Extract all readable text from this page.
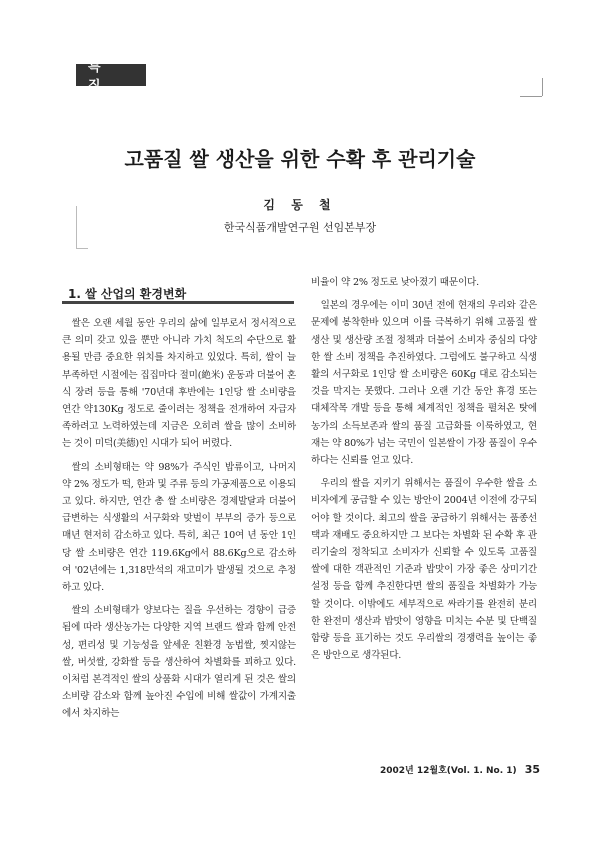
특 집
고품질 쌀 생산을 위한 수확 후 관리기술
김 동 철
한국식품개발연구원 선임본부장
1. 쌀 산업의 환경변화

쌀은 오랜 세월 동안 우리의 삶에 일부로서 정서적으로 큰 의미 갖고 있을 뿐만 아니라 가치 척도의 수단으로 활용될 만큼 중요한 위치를 차지하고 있었다. 특히, 쌀이 늘 부족하던 시절에는 집집마다 절미(絶米) 운동과 더불어 혼식 장려 등을 통해 '70년대 후반에는 1인당 쌀 소비량을 연간 약130Kg 정도로 줄이려는 정책을 전개하여 자급자족하려고 노력하였는데 지금은 오히려 쌀을 많이 소비하는 것이 미덕(美德)인 시대가 되어 버렸다.

쌀의 소비형태는 약 98%가 주식인 밥류이고, 나머지 약 2% 정도가 떡, 한과 및 주류 등의 가공제품으로 이용되고 있다. 하지만, 연간 총 쌀 소비량은 경제발달과 더불어 급변하는 식생활의 서구화와 맞벌이 부부의 증가 등으로 매년 현저히 감소하고 있다. 특히, 최근 10여 년 동안 1인당 쌀 소비량은 연간 119.6Kg에서 88.6Kg으로 감소하여 '02년에는 1,318만석의 재고미가 발생될 것으로 추정하고 있다.

쌀의 소비형태가 양보다는 질을 우선하는 경향이 급증됨에 따라 생산농가는 다양한 지역 브랜드 쌀과 함께 안전성, 편리성 및 기능성을 앞세운 친환경 농법쌀, 찟지않는쌀, 버섯쌀, 강화쌀 등을 생산하여 차별화를 꾀하고 있다. 이처럼 본격적인 쌀의 상품화 시대가 열리게 된 것은 쌀의 소비량 감소와 함께 높아진 수입에 비해 쌀값이 가계지출에서 차지하는

비율이 약 2% 정도로 낮아졌기 때문이다.

일본의 경우에는 이미 30년 전에 현재의 우리와 같은 문제에 봉착한바 있으며 이를 극복하기 위해 고품질 쌀 생산 및 생산량 조절 정책과 더불어 소비자 중심의 다양한 쌀 소비 정책을 추진하였다. 그럼에도 불구하고 식생활의 서구화로 1인당 쌀 소비량은 60Kg 대로 감소되는 것을 막지는 못했다. 그러나 오랜 기간 동안 휴경 또는 대체작목 개발 등을 통해 체계적인 정책을 펼쳐온 탓에 농가의 소득보존과 쌀의 품질 고급화를 이룩하였고, 현재는 약 80%가 넘는 국민이 일본쌀이 가장 품질이 우수하다는 신뢰를 얻고 있다.

우리의 쌀을 지키기 위해서는 품질이 우수한 쌀을 소비자에게 공급할 수 있는 방안이 2004년 이전에 강구되어야 할 것이다. 최고의 쌀을 공급하기 위해서는 품종선택과 재배도 중요하지만 그 보다는 차별화 된 수확 후 관리기술의 정착되고 소비자가 신뢰할 수 있도록 고품질 쌀에 대한 객관적인 기준과 밥맛이 가장 좋은 상미기간 설정 등을 함께 추진한다면 쌀의 품질을 차별화가 가능할 것이다. 이밖에도 세부적으로 싸라기를 완전히 분리한 완전미 생산과 밥맛이 영향을 미치는 수분 및 단백질 함량 등을 표기하는 것도 우리쌀의 경쟁력을 높이는 좋은 방안으로 생각된다.

2002년 12월호(Vol. 1. No. 1) 35
